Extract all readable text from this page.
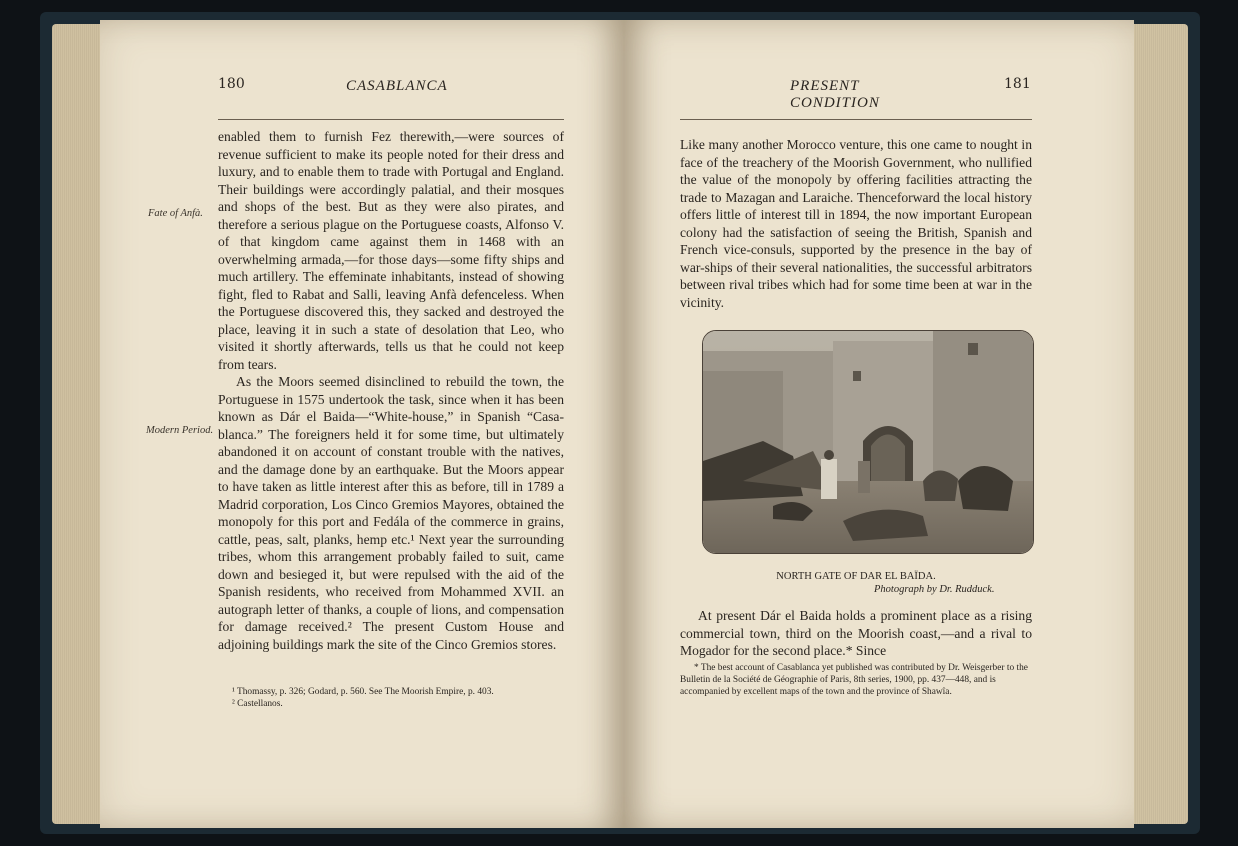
180	CASABLANCA
Fate of Anfà.
Modern Period.

enabled them to furnish Fez therewith,—were sources of revenue sufficient to make its people noted for their dress and luxury, and to enable them to trade with Portugal and England. Their buildings were accordingly palatial, and their mosques and shops of the best. But as they were also pirates, and therefore a serious plague on the Portuguese coasts, Alfonso V. of that kingdom came against them in 1468 with an overwhelming armada,—for those days—some fifty ships and much artillery. The effeminate inhabitants, instead of showing fight, fled to Rabat and Salli, leaving Anfà defenceless. When the Portuguese discovered this, they sacked and destroyed the place, leaving it in such a state of desolation that Leo, who visited it shortly afterwards, tells us that he could not keep from tears.

As the Moors seemed disinclined to rebuild the town, the Portuguese in 1575 undertook the task, since when it has been known as Dár el Baida—“White-house,” in Spanish “Casa-blanca.” The foreigners held it for some time, but ultimately abandoned it on account of constant trouble with the natives, and the damage done by an earthquake. But the Moors appear to have taken as little interest after this as before, till in 1789 a Madrid corporation, Los Cinco Gremios Mayores, obtained the monopoly for this port and Fedála of the commerce in grains, cattle, peas, salt, planks, hemp etc.¹ Next year the surrounding tribes, whom this arrangement probably failed to suit, came down and besieged it, but were repulsed with the aid of the Spanish residents, who received from Mohammed XVII. an autograph letter of thanks, a couple of lions, and compensation for damage received.² The present Custom House and adjoining buildings mark the site of the Cinco Gremios stores.

¹ Thomassy, p. 326; Godard, p. 560. See The Moorish Empire, p. 403.

² Castellanos.

PRESENT CONDITION
181

Like many another Morocco venture, this one came to nought in face of the treachery of the Moorish Government, who nullified the value of the monopoly by offering facilities attracting the trade to Mazagan and Laraiche. Thenceforward the local history offers little of interest till in 1894, the now important European colony had the satisfaction of seeing the British, Spanish and French vice-consuls, supported by the presence in the bay of war-ships of their several nationalities, the successful arbitrators between rival tribes which had for some time been at war in the vicinity.

NORTH GATE OF DAR EL BAÏDA.
Photograph by Dr. Rudduck.

At present Dár el Baida holds a prominent place as a rising commercial town, third on the Moorish coast,—and a rival to Mogador for the second place.* Since

* The best account of Casablanca yet published was contributed by Dr. Weisgerber to the Bulletin de la Société de Géographie of Paris, 8th series, 1900, pp. 437—448, and is accompanied by excellent maps of the town and the province of Shawîa.
